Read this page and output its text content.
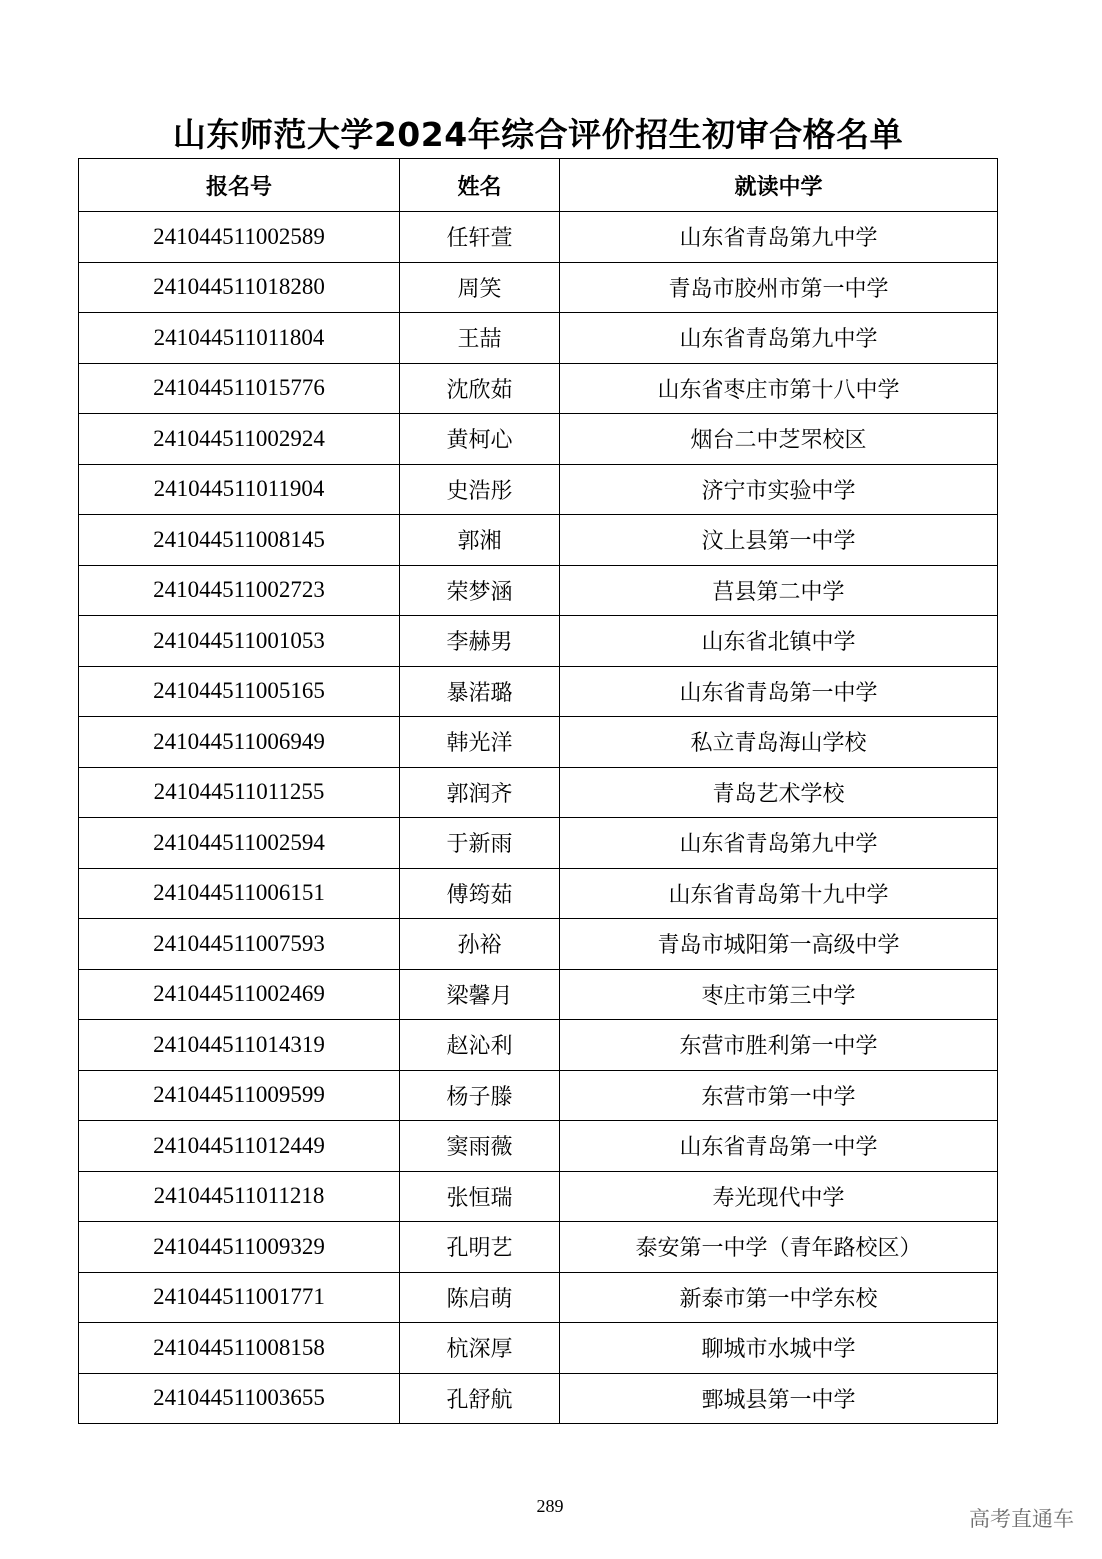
山东师范大学2024年综合评价招生初审合格名单
报名号	姓名	就读中学
241044511002589	任轩萱	山东省青岛第九中学
241044511018280	周笑	青岛市胶州市第一中学
241044511011804	王喆	山东省青岛第九中学
241044511015776	沈欣茹	山东省枣庄市第十八中学
241044511002924	黄柯心	烟台二中芝罘校区
241044511011904	史浩彤	济宁市实验中学
241044511008145	郭湘	汶上县第一中学
241044511002723	荣梦涵	莒县第二中学
241044511001053	李赫男	山东省北镇中学
241044511005165	暴渃璐	山东省青岛第一中学
241044511006949	韩光洋	私立青岛海山学校
241044511011255	郭润齐	青岛艺术学校
241044511002594	于新雨	山东省青岛第九中学
241044511006151	傅筠茹	山东省青岛第十九中学
241044511007593	孙裕	青岛市城阳第一高级中学
241044511002469	梁馨月	枣庄市第三中学
241044511014319	赵沁利	东营市胜利第一中学
241044511009599	杨子滕	东营市第一中学
241044511012449	窦雨薇	山东省青岛第一中学
241044511011218	张恒瑞	寿光现代中学
241044511009329	孔明艺	泰安第一中学（青年路校区）
241044511001771	陈启萌	新泰市第一中学东校
241044511008158	杭深厚	聊城市水城中学
241044511003655	孔舒航	鄄城县第一中学
289
高考直通车
